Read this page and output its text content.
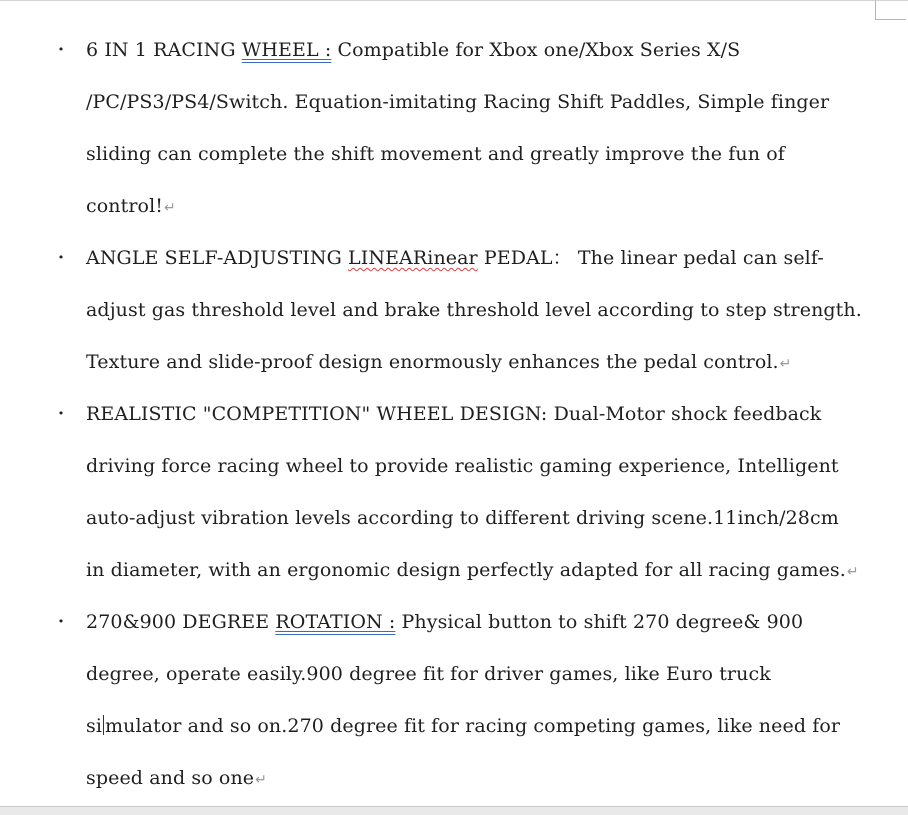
• 6 IN 1 RACING WHEEL : Compatible for Xbox one/Xbox Series X/S
/PC/PS3/PS4/Switch. Equation-imitating Racing Shift Paddles, Simple finger
sliding can complete the shift movement and greatly improve the fun of
control!↵
• ANGLE SELF-ADJUSTING LINEARinear PEDAL： The linear pedal can self-
adjust gas threshold level and brake threshold level according to step strength.
Texture and slide-proof design enormously enhances the pedal control.↵
• REALISTIC "COMPETITION" WHEEL DESIGN: Dual-Motor shock feedback
driving force racing wheel to provide realistic gaming experience, Intelligent
auto-adjust vibration levels according to different driving scene.11inch/28cm
in diameter, with an ergonomic design perfectly adapted for all racing games.↵
• 270&900 DEGREE ROTATION : Physical button to shift 270 degree& 900
degree, operate easily.900 degree fit for driver games, like Euro truck
si mulator and so on.270 degree fit for racing competing games, like need for
speed and so one↵
